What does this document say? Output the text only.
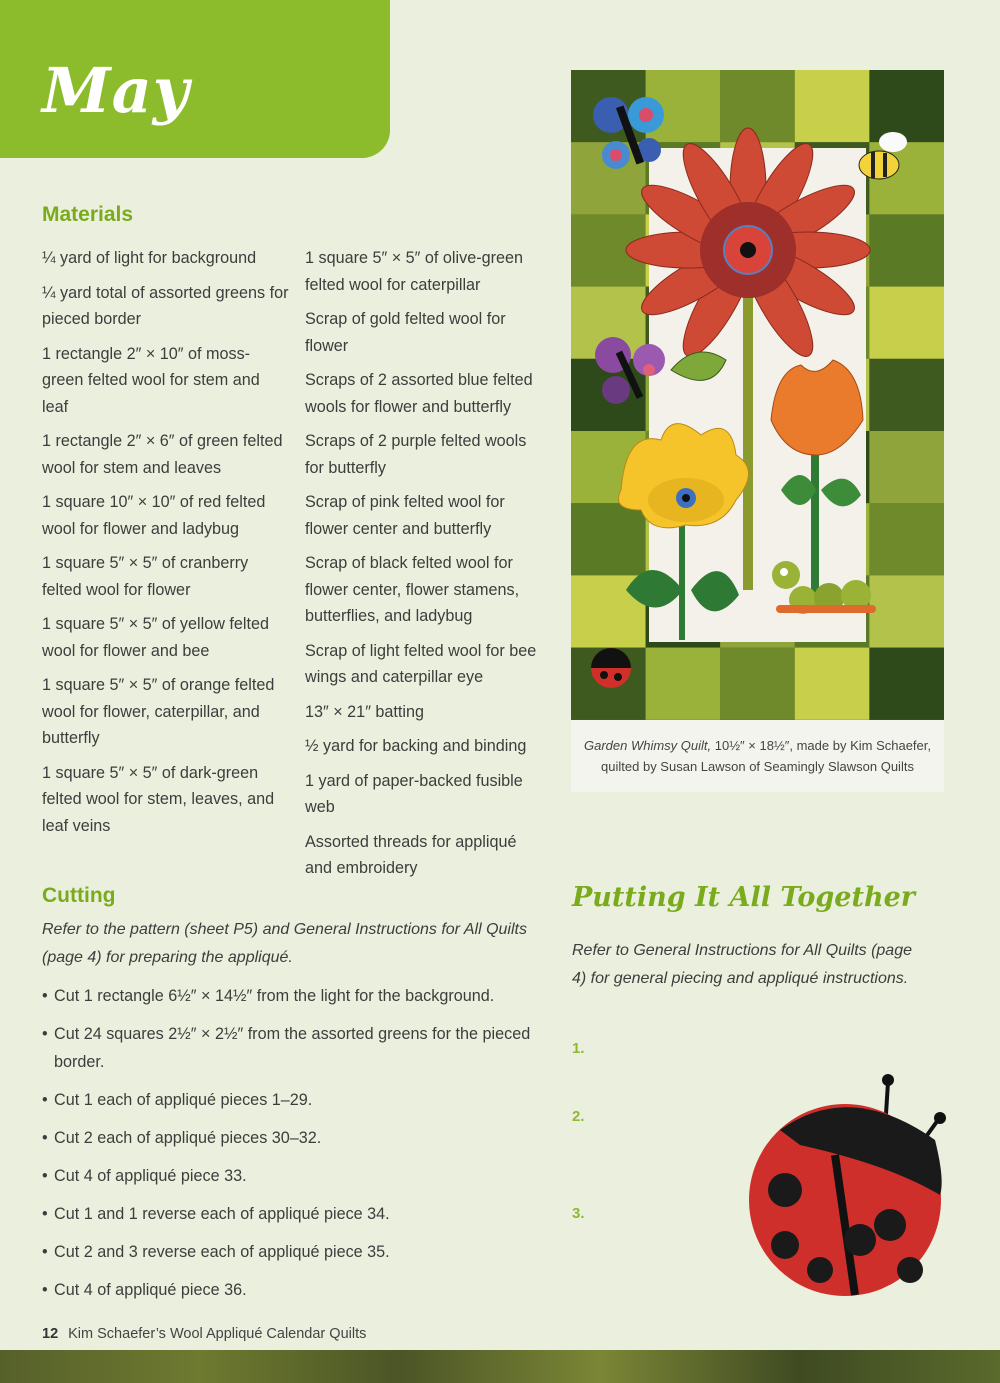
May
Materials
¼ yard of light for background
¼ yard total of assorted greens for pieced border
1 rectangle 2″ × 10″ of moss-green felted wool for stem and leaf
1 rectangle 2″ × 6″ of green felted wool for stem and leaves
1 square 10″ × 10″ of red felted wool for flower and ladybug
1 square 5″ × 5″ of cranberry felted wool for flower
1 square 5″ × 5″ of yellow felted wool for flower and bee
1 square 5″ × 5″ of orange felted wool for flower, caterpillar, and butterfly
1 square 5″ × 5″ of dark-green felted wool for stem, leaves, and leaf veins
1 square 5″ × 5″ of olive-green felted wool for caterpillar
Scrap of gold felted wool for flower
Scraps of 2 assorted blue felted wools for flower and butterfly
Scraps of 2 purple felted wools for butterfly
Scrap of pink felted wool for flower center and butterfly
Scrap of black felted wool for flower center, flower stamens, butterflies, and ladybug
Scrap of light felted wool for bee wings and caterpillar eye
13″ × 21″ batting
½ yard for backing and binding
1 yard of paper-backed fusible web
Assorted threads for appliqué and embroidery
Cutting

Refer to the pattern (sheet P5) and General Instructions for All Quilts (page 4) for preparing the appliqué.

• Cut 1 rectangle 6½″ × 14½″ from the light for the background.
• Cut 24 squares 2½″ × 2½″ from the assorted greens for the pieced border.
• Cut 1 each of appliqué pieces 1–29.
• Cut 2 each of appliqué pieces 30–32.
• Cut 4 of appliqué piece 33.
• Cut 1 and 1 reverse each of appliqué piece 34.
• Cut 2 and 3 reverse each of appliqué piece 35.
• Cut 4 of appliqué piece 36.
Garden Whimsy Quilt, 10½″ × 18½″, made by Kim Schaefer,
quilted by Susan Lawson of Seamingly Slawson Quilts
Putting It All Together

Refer to General Instructions for All Quilts (page 4) for general piecing and appliqué instructions.

1.
2.
3.
12 Kim Schaefer’s Wool Appliqué Calendar Quilts
